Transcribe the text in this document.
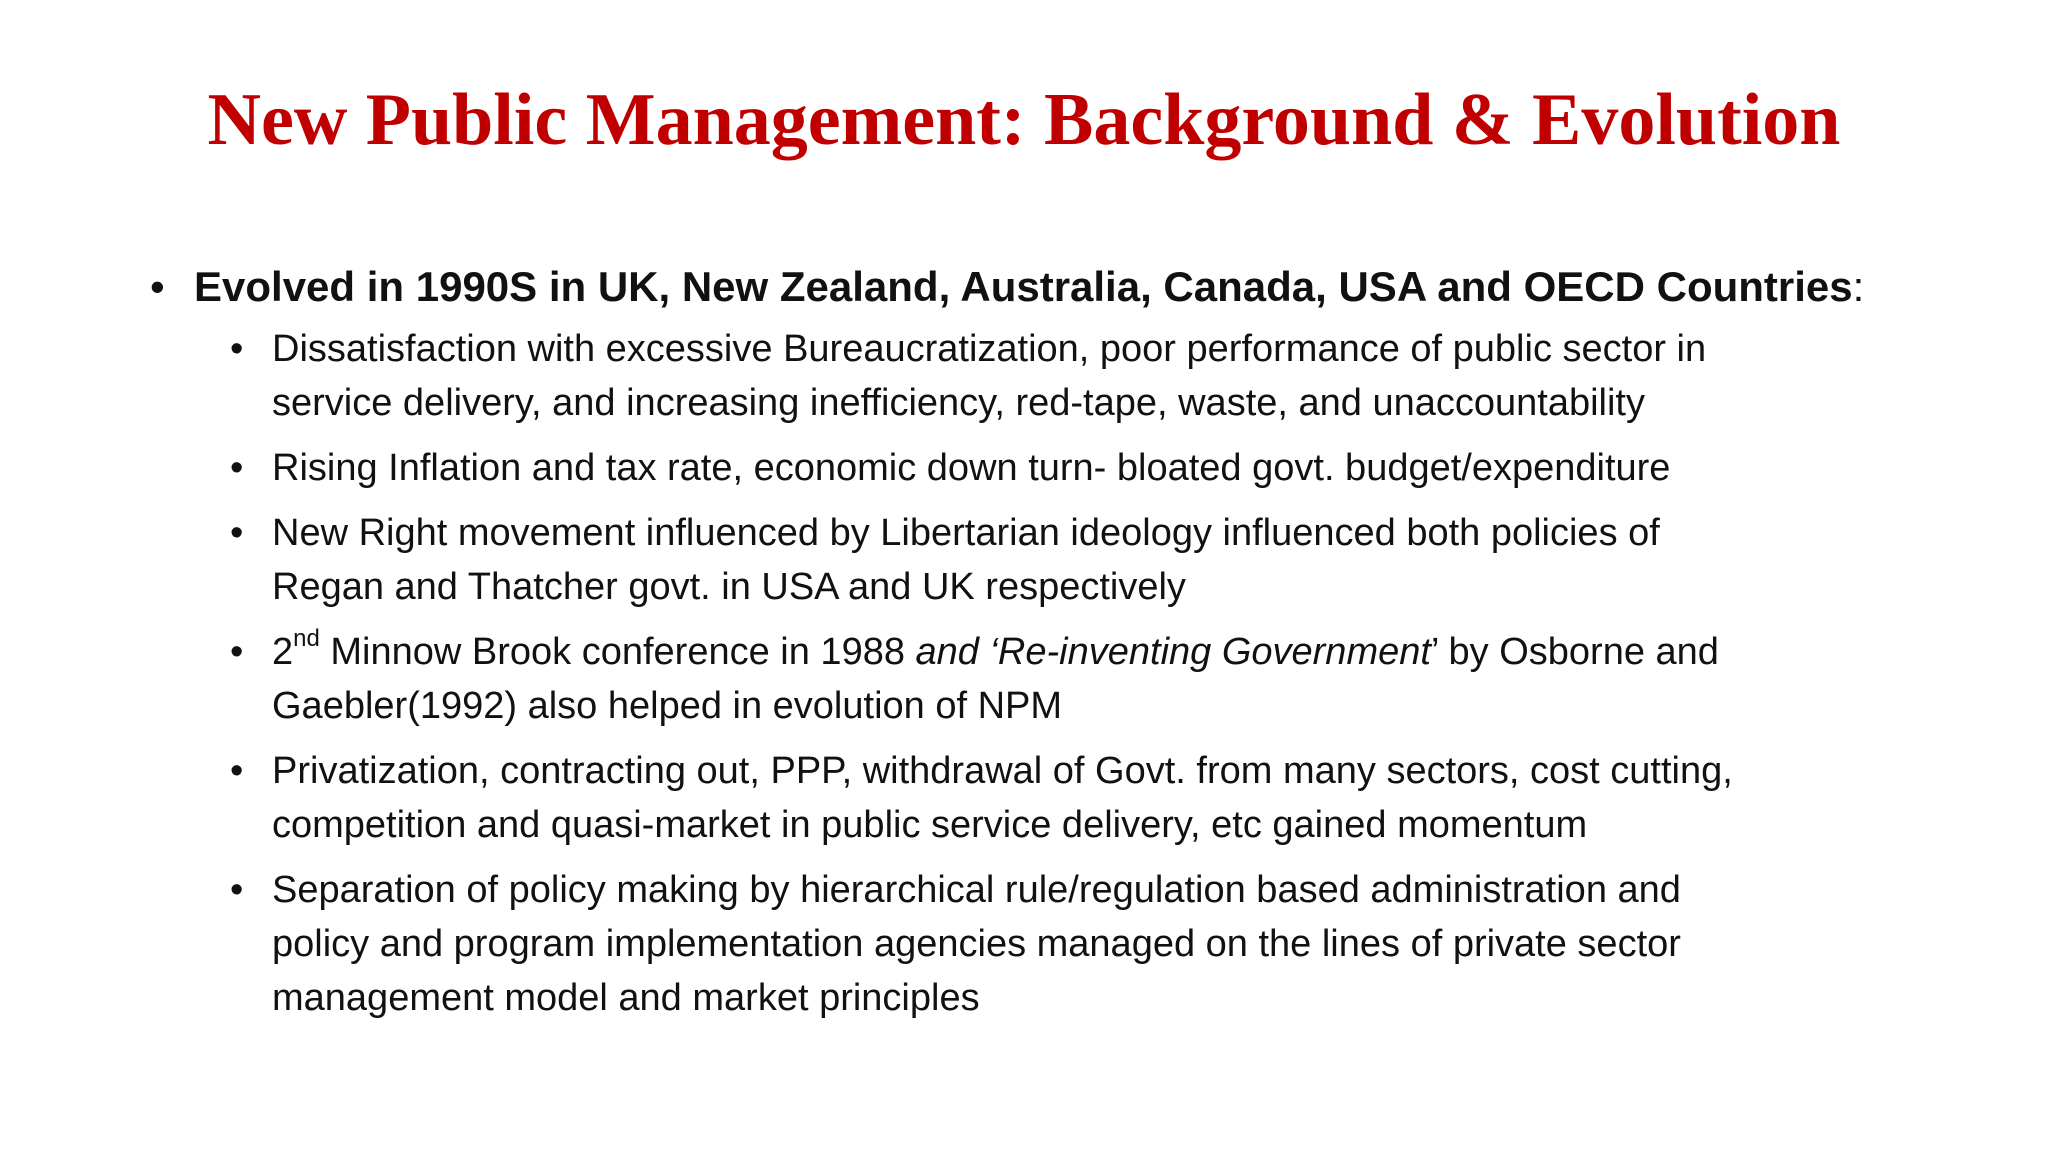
New Public Management: Background & Evolution
• Evolved in 1990S in UK, New Zealand, Australia, Canada, USA and OECD Countries:
• Dissatisfaction with excessive Bureaucratization, poor performance of public sector in
service delivery, and increasing inefficiency, red-tape, waste, and unaccountability
• Rising Inflation and tax rate, economic down turn- bloated govt. budget/expenditure
• New Right movement influenced by Libertarian ideology influenced both policies of
Regan and Thatcher govt. in USA and UK respectively
• 2nd Minnow Brook conference in 1988 and ‘Re-inventing Government’ by Osborne and
Gaebler(1992) also helped in evolution of NPM
• Privatization, contracting out, PPP, withdrawal of Govt. from many sectors, cost cutting,
competition and quasi-market in public service delivery, etc gained momentum
• Separation of policy making by hierarchical rule/regulation based administration and
policy and program implementation agencies managed on the lines of private sector
management model and market principles
